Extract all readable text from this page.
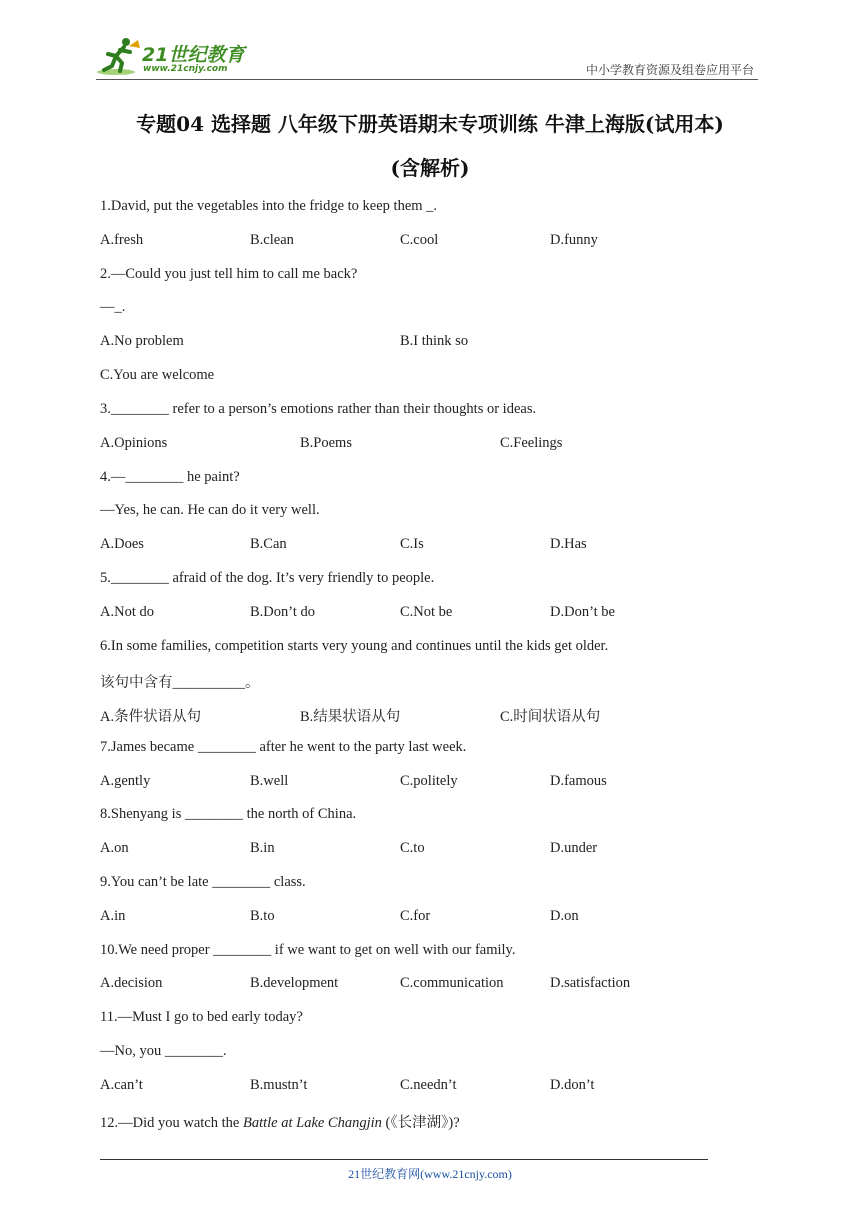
21世纪教育
www.21cnjy.com	中小学教育资源及组卷应用平台
专题04 选择题 八年级下册英语期末专项训练 牛津上海版(试用本)
(含解析)
1.David, put the vegetables into the fridge to keep them _.
A.fresh	B.clean	C.cool	D.funny
2.—Could you just tell him to call me back?
—_.
A.No problem	B.I think so
C.You are welcome
3.________ refer to a person’s emotions rather than their thoughts or ideas.
A.Opinions	B.Poems	C.Feelings
4.—________ he paint?
—Yes, he can. He can do it very well.
A.Does	B.Can	C.Is	D.Has
5.________ afraid of the dog. It’s very friendly to people.
A.Not do	B.Don’t do	C.Not be	D.Don’t be
6.In some families, competition starts very young and continues until the kids get older.
该句中含有__________。
A.条件状语从句	B.结果状语从句	C.时间状语从句
7.James became ________ after he went to the party last week.
A.gently	B.well	C.politely	D.famous
8.Shenyang is ________ the north of China.
A.on	B.in	C.to	D.under
9.You can’t be late ________ class.
A.in	B.to	C.for	D.on
10.We need proper ________ if we want to get on well with our family.
A.decision	B.development	C.communication	D.satisfaction
11.—Must I go to bed early today?
—No, you ________.
A.can’t	B.mustn’t	C.needn’t	D.don’t
12.—Did you watch the Battle at Lake Changjin (《长津湖》)?
21世纪教育网(www.21cnjy.com)
